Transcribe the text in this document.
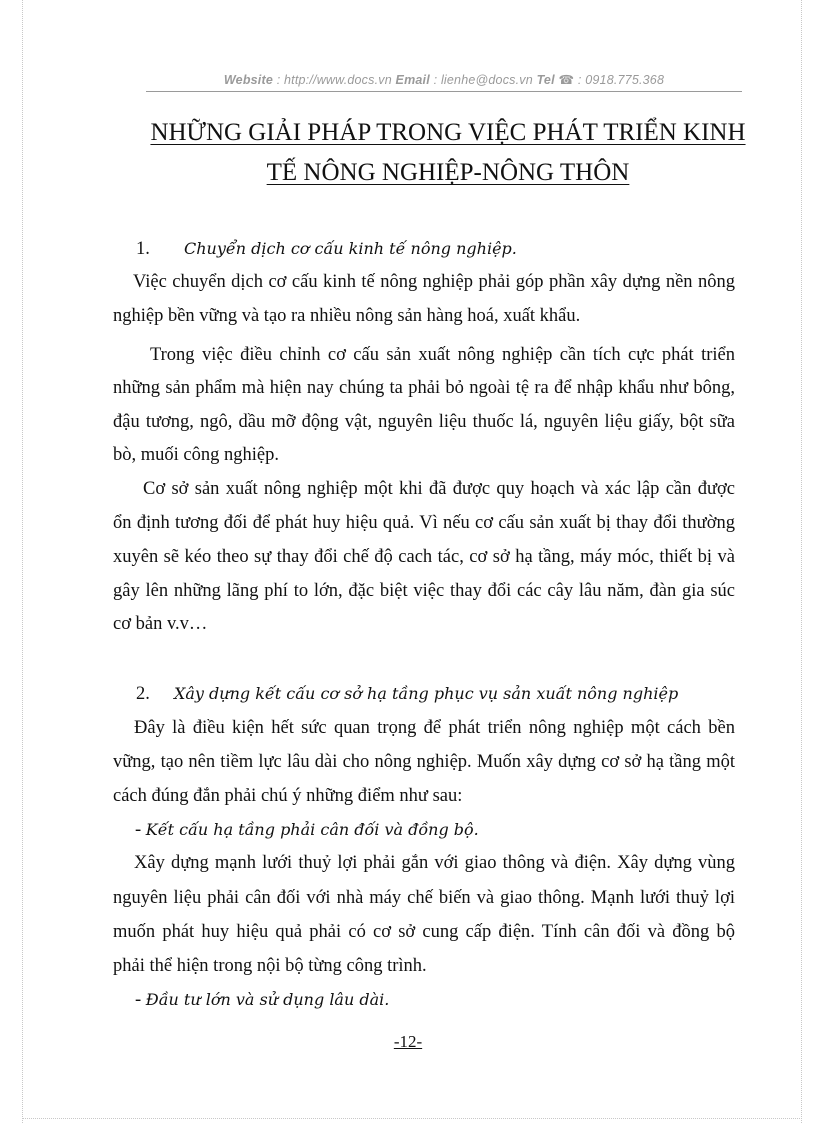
Website : http://www.docs.vn Email : lienhe@docs.vn Tel ☎ : 0918.775.368
NHỮNG GIẢI PHÁP TRONG VIỆC PHÁT TRIỂN KINH
TẾ NÔNG NGHIỆP-NÔNG THÔN
1. Chuyển dịch cơ cấu kinh tế nông nghiệp.
Việc chuyển dịch cơ cấu kinh tế nông nghiệp phải góp phần xây dựng nền nông
nghiệp bền vững và tạo ra nhiều nông sản hàng hoá, xuất khẩu.
Trong việc điều chỉnh cơ cấu sản xuất nông nghiệp cần tích cực phát triển
những sản phẩm mà hiện nay chúng ta phải bỏ ngoài tệ ra để nhập khẩu như bông,
đậu tương, ngô, dầu mỡ động vật, nguyên liệu thuốc lá, nguyên liệu giấy, bột sữa
bò, muối công nghiệp.
Cơ sở sản xuất nông nghiệp một khi đã được quy hoạch và xác lập cần được
ổn định tương đối để phát huy hiệu quả. Vì nếu cơ cấu sản xuất bị thay đổi thường
xuyên sẽ kéo theo sự thay đổi chế độ cach tác, cơ sở hạ tầng, máy móc, thiết bị và
gây lên những lãng phí to lớn, đặc biệt việc thay đổi các cây lâu năm, đàn gia súc
cơ bản v.v…
2. Xây dựng kết cấu cơ sở hạ tầng phục vụ sản xuất nông nghiệp
Đây là điều kiện hết sức quan trọng để phát triển nông nghiệp một cách bền
vững, tạo nên tiềm lực lâu dài cho nông nghiệp. Muốn xây dựng cơ sở hạ tầng một
cách đúng đắn phải chú ý những điểm như sau:
- Kết cấu hạ tầng phải cân đối và đồng bộ.
Xây dựng mạnh lưới thuỷ lợi phải gắn với giao thông và điện. Xây dựng vùng
nguyên liệu phải cân đối với nhà máy chế biến và giao thông. Mạnh lưới thuỷ lợi
muốn phát huy hiệu quả phải có cơ sở cung cấp điện. Tính cân đối và đồng bộ
phải thể hiện trong nội bộ từng công trình.
- Đầu tư lớn và sử dụng lâu dài.
-12-
